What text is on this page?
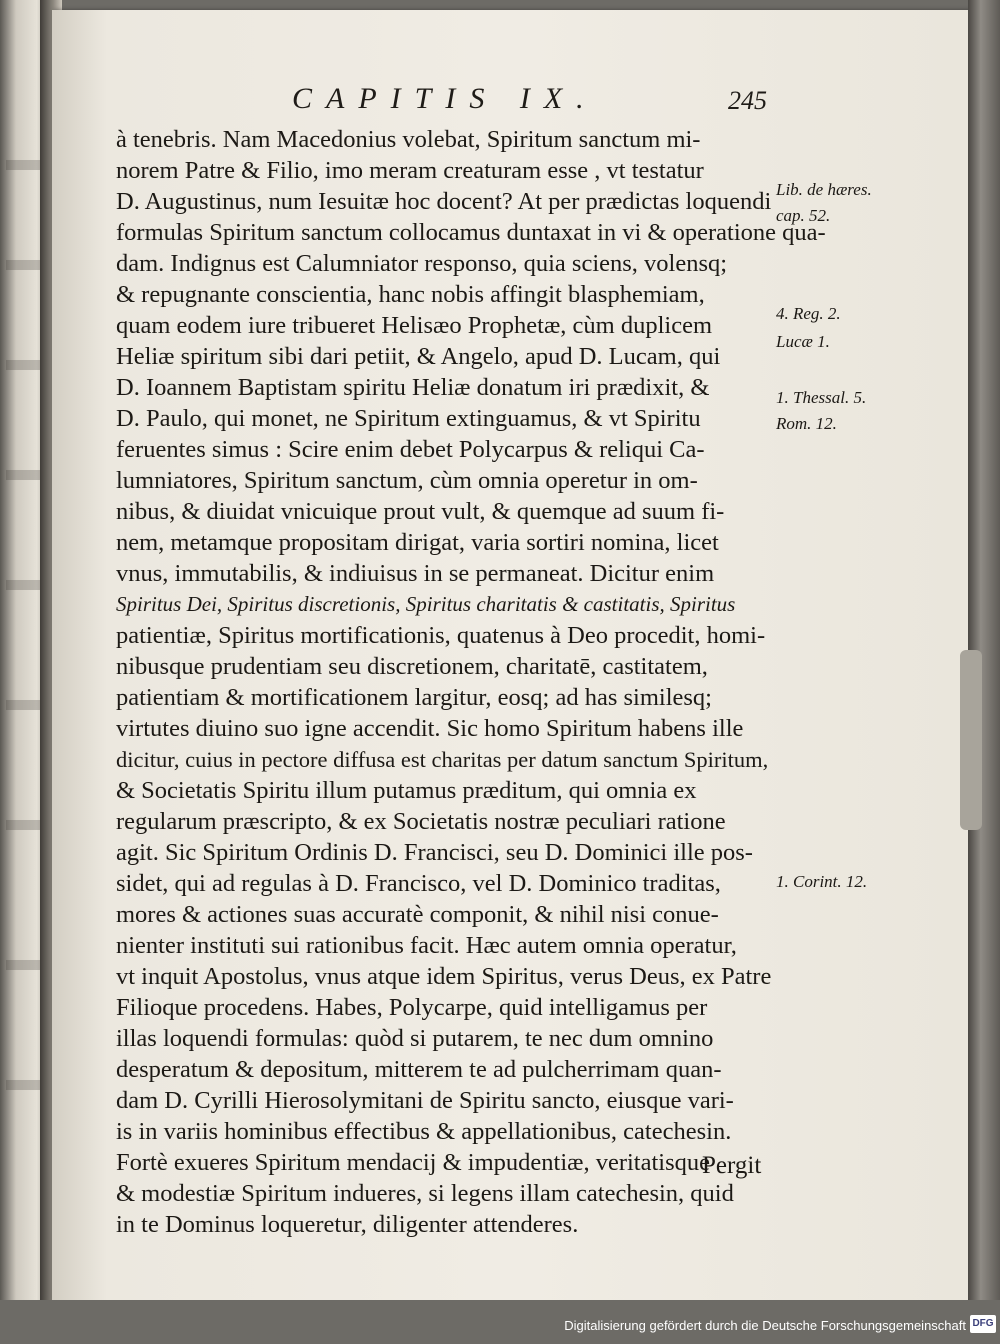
CAPITIS IX.	245
à tenebris. Nam Macedonius volebat, Spiritum sanctum mi-
norem Patre & Filio, imo meram creaturam esse , vt testatur
D. Augustinus, num Iesuitæ hoc docent? At per prædictas loquendi
formulas Spiritum sanctum collocamus duntaxat in vi & operatione qua-
dam. Indignus est Calumniator responso, quia sciens, volensq;
& repugnante conscientia, hanc nobis affingit blasphemiam,
quam eodem iure tribueret Helisæo Prophetæ, cùm duplicem
Heliæ spiritum sibi dari petiit, & Angelo, apud D. Lucam, qui
D. Ioannem Baptistam spiritu Heliæ donatum iri prædixit, &
D. Paulo, qui monet, ne Spiritum extinguamus, & vt Spiritu
feruentes simus : Scire enim debet Polycarpus & reliqui Ca-
lumniatores, Spiritum sanctum, cùm omnia operetur in om-
nibus, & diuidat vnicuique prout vult, & quemque ad suum fi-
nem, metamque propositam dirigat, varia sortiri nomina, licet
vnus, immutabilis, & indiuisus in se permaneat. Dicitur enim
Spiritus Dei, Spiritus discretionis, Spiritus charitatis & castitatis, Spiritus
patientiæ, Spiritus mortificationis, quatenus à Deo procedit, homi-
nibusque prudentiam seu discretionem, charitatē, castitatem,
patientiam & mortificationem largitur, eosq; ad has similesq;
virtutes diuino suo igne accendit. Sic homo Spiritum habens ille
dicitur, cuius in pectore diffusa est charitas per datum sanctum Spiritum,
& Societatis Spiritu illum putamus præditum, qui omnia ex
regularum præscripto, & ex Societatis nostræ peculiari ratione
agit. Sic Spiritum Ordinis D. Francisci, seu D. Dominici ille pos-
sidet, qui ad regulas à D. Francisco, vel D. Dominico traditas,
mores & actiones suas accuratè componit, & nihil nisi conue-
nienter instituti sui rationibus facit. Hæc autem omnia operatur,
vt inquit Apostolus, vnus atque idem Spiritus, verus Deus, ex Patre
Filioque procedens. Habes, Polycarpe, quid intelligamus per
illas loquendi formulas: quòd si putarem, te nec dum omnino
desperatum & depositum, mitterem te ad pulcherrimam quan-
dam D. Cyrilli Hierosolymitani de Spiritu sancto, eiusque vari-
is in variis hominibus effectibus & appellationibus, catechesin.
Fortè exueres Spiritum mendacij & impudentiæ, veritatisque
& modestiæ Spiritum indueres, si legens illam catechesin, quid
in te Dominus loqueretur, diligenter attenderes.
Pergit
Lib. de hæres.
cap. 52.
4. Reg. 2.
Lucæ 1.
1. Thessal. 5.
Rom. 12.
1. Corint. 12.
Digitalisierung gefördert durch die Deutsche Forschungsgemeinschaft DFG
